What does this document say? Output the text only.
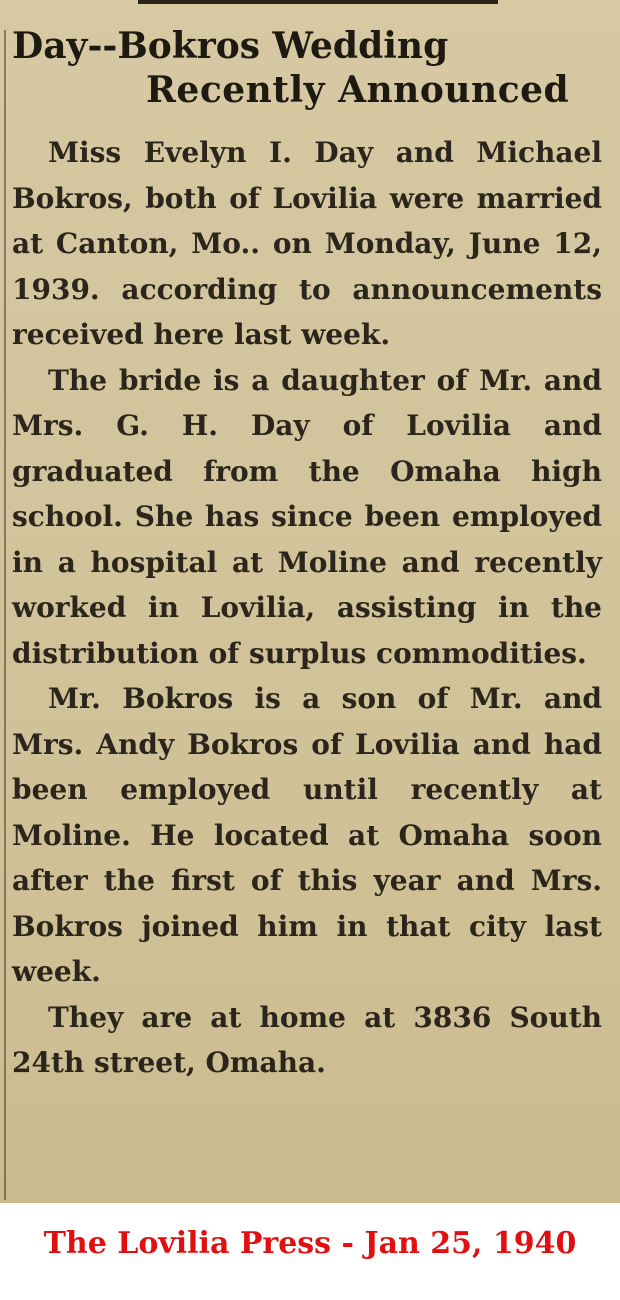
Day--Bokros Wedding
Recently Announced

Miss Evelyn I. Day and Michael Bokros, both of Lovilia were married at Canton, Mo.. on Monday, June 12, 1939. according to announcements received here last week.

The bride is a daughter of Mr. and Mrs. G. H. Day of Lovilia and graduated from the Omaha high school. She has since been employed in a hospital at Moline and recently worked in Lovilia, assisting in the distribution of surplus commodities.

Mr. Bokros is a son of Mr. and Mrs. Andy Bokros of Lovilia and had been employed until recently at Moline. He located at Omaha soon after the first of this year and Mrs. Bokros joined him in that city last week.

They are at home at 3836 South 24th street, Omaha.

The Lovilia Press - Jan 25, 1940
